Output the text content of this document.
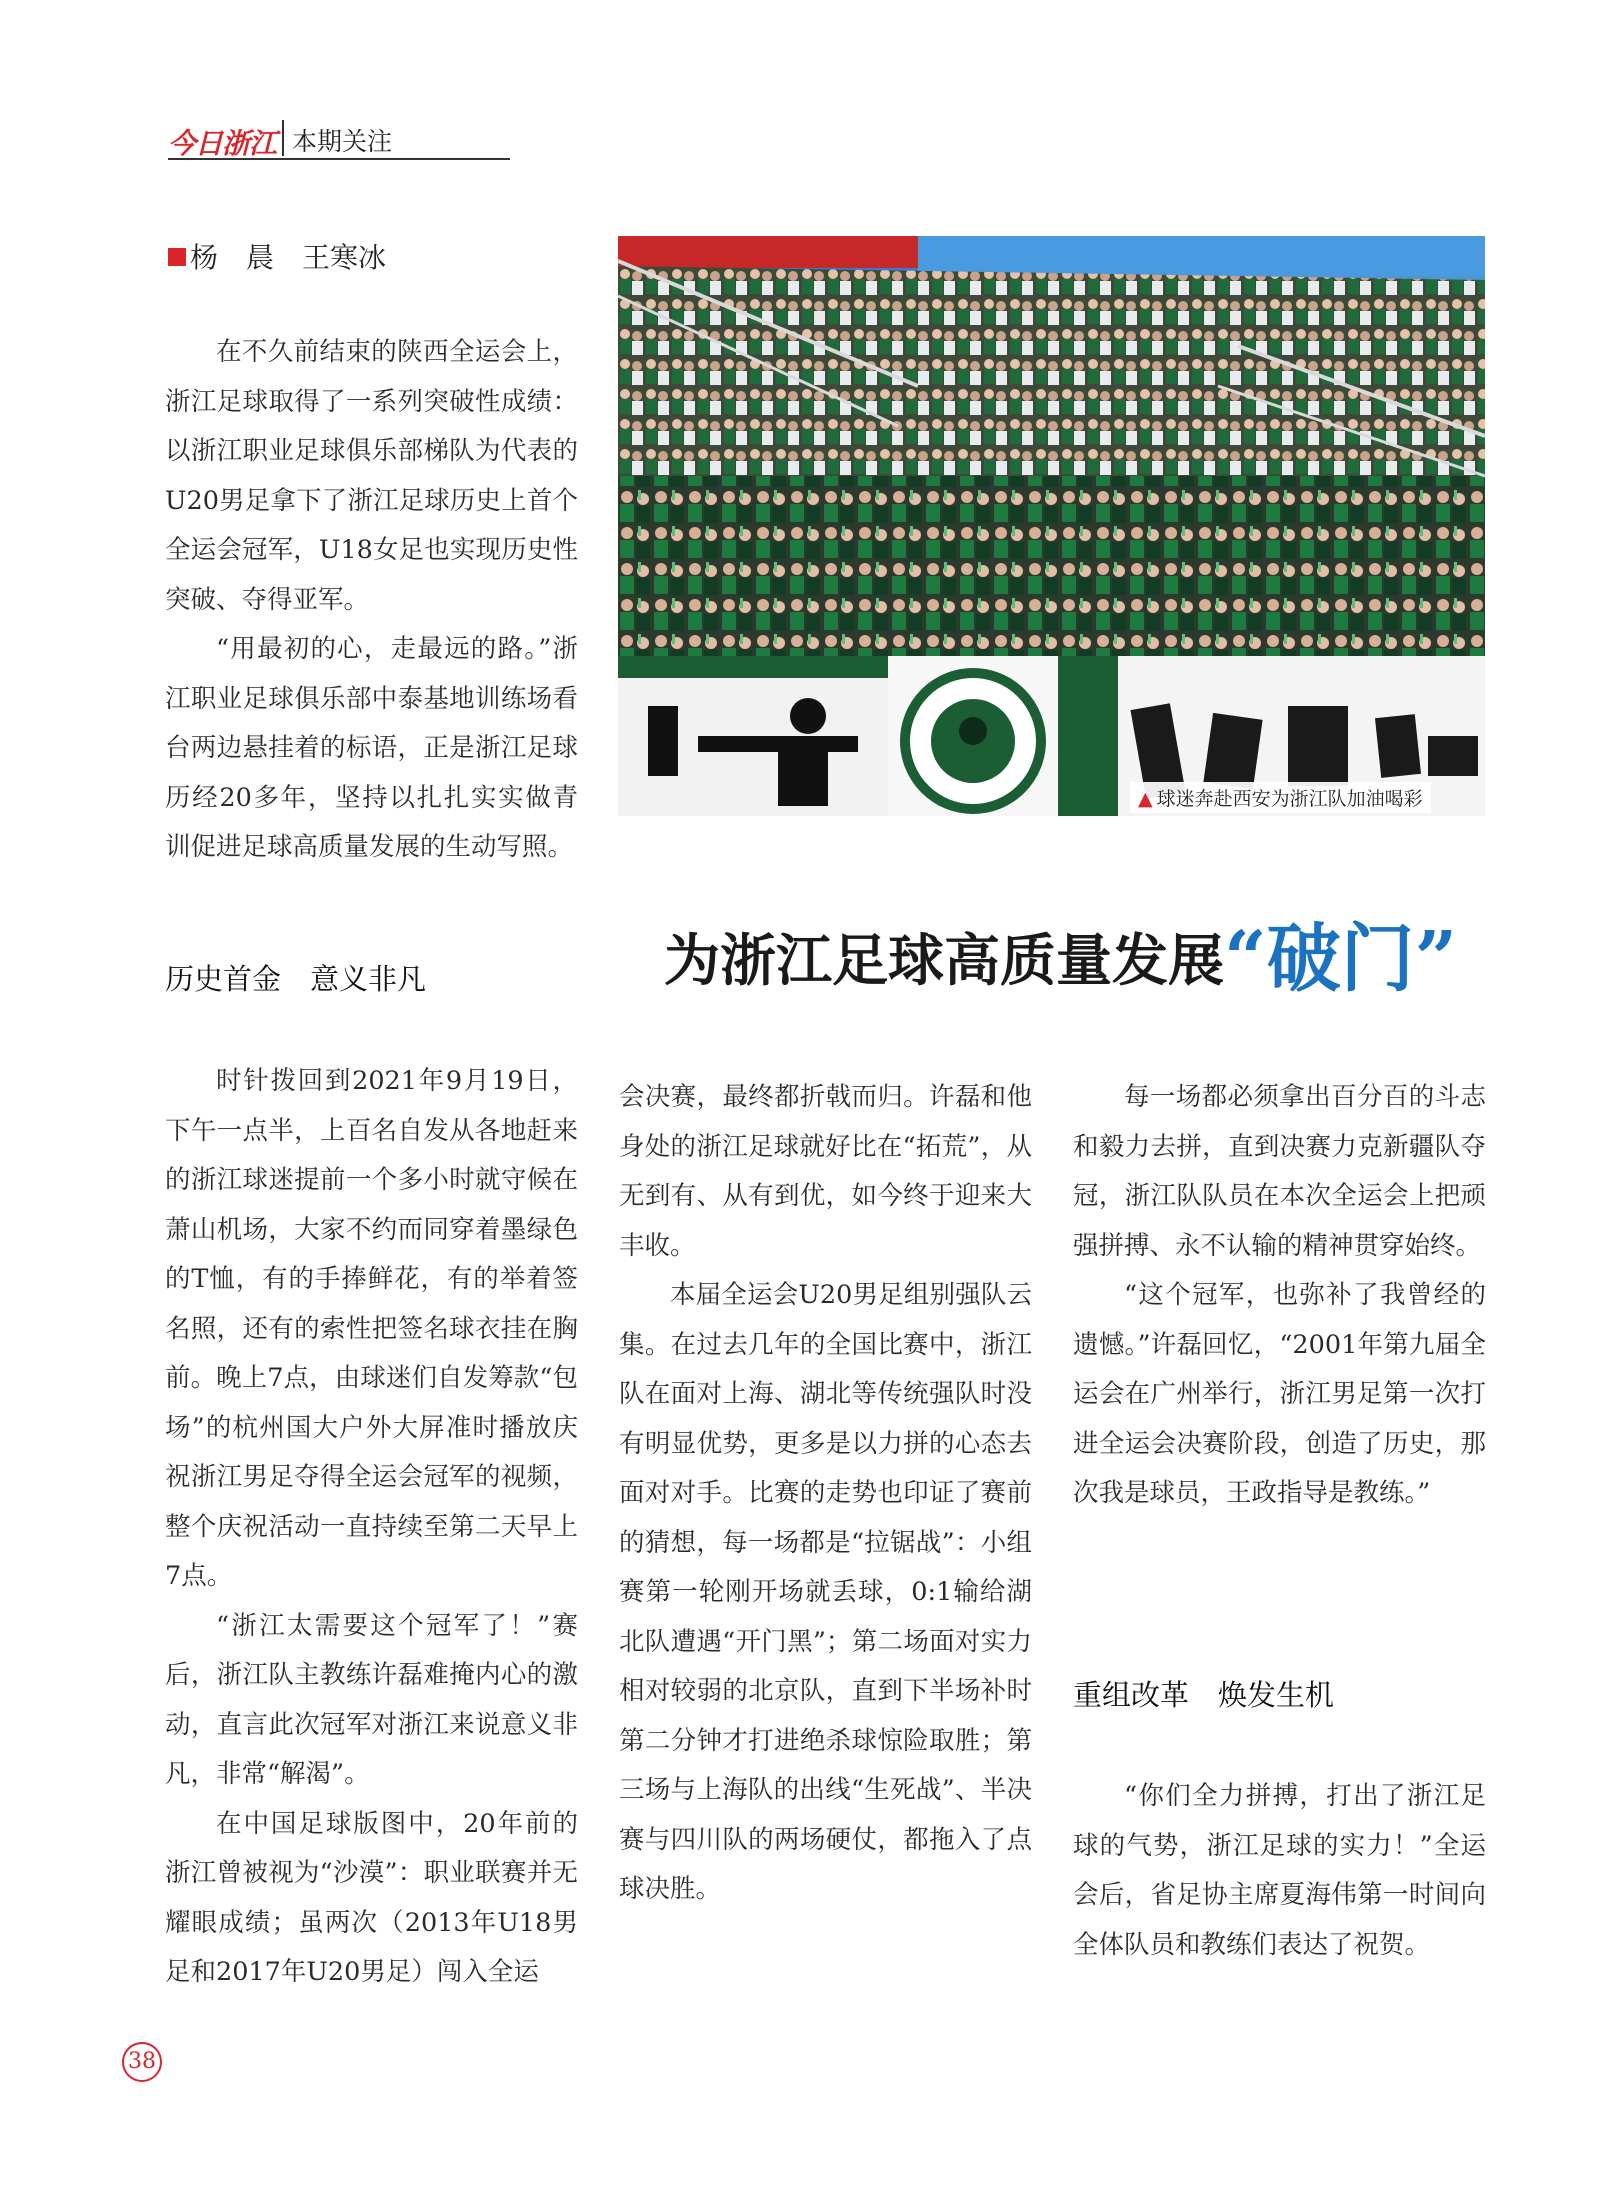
今日浙江 本期关注
杨　晨　王寒冰
▲ 球迷奔赴西安为浙江队加油喝彩
为浙江足球高质量发展“破门”

在不久前结束的陕西全运会上，浙江足球取得了一系列突破性成绩：以浙江职业足球俱乐部梯队为代表的U20男足拿下了浙江足球历史上首个全运会冠军，U18女足也实现历史性突破、夺得亚军。

“用最初的心，走最远的路。”浙江职业足球俱乐部中泰基地训练场看台两边悬挂着的标语，正是浙江足球历经20多年，坚持以扎扎实实做青训促进足球高质量发展的生动写照。

历史首金　意义非凡

时针拨回到2021年9月19日，下午一点半，上百名自发从各地赶来的浙江球迷提前一个多小时就守候在萧山机场，大家不约而同穿着墨绿色的T恤，有的手捧鲜花，有的举着签名照，还有的索性把签名球衣挂在胸前。晚上7点，由球迷们自发筹款“包场”的杭州国大户外大屏准时播放庆祝浙江男足夺得全运会冠军的视频，整个庆祝活动一直持续至第二天早上7点。

“浙江太需要这个冠军了！”赛后，浙江队主教练许磊难掩内心的激动，直言此次冠军对浙江来说意义非凡，非常“解渴”。

在中国足球版图中，20年前的浙江曾被视为“沙漠”：职业联赛并无耀眼成绩；虽两次（2013年U18男足和2017年U20男足）闯入全运

会决赛，最终都折戟而归。许磊和他身处的浙江足球就好比在“拓荒”，从无到有、从有到优，如今终于迎来大丰收。

本届全运会U20男足组别强队云集。在过去几年的全国比赛中，浙江队在面对上海、湖北等传统强队时没有明显优势，更多是以力拼的心态去面对对手。比赛的走势也印证了赛前的猜想，每一场都是“拉锯战”：小组赛第一轮刚开场就丢球，0:1输给湖北队遭遇“开门黑”；第二场面对实力相对较弱的北京队，直到下半场补时第二分钟才打进绝杀球惊险取胜；第三场与上海队的出线“生死战”、半决赛与四川队的两场硬仗，都拖入了点球决胜。

每一场都必须拿出百分百的斗志和毅力去拼，直到决赛力克新疆队夺冠，浙江队队员在本次全运会上把顽强拼搏、永不认输的精神贯穿始终。

“这个冠军，也弥补了我曾经的遗憾。”许磊回忆，“2001年第九届全运会在广州举行，浙江男足第一次打进全运会决赛阶段，创造了历史，那次我是球员，王政指导是教练。”

重组改革　焕发生机

“你们全力拼搏，打出了浙江足球的气势，浙江足球的实力！”全运会后，省足协主席夏海伟第一时间向全体队员和教练们表达了祝贺。

38
